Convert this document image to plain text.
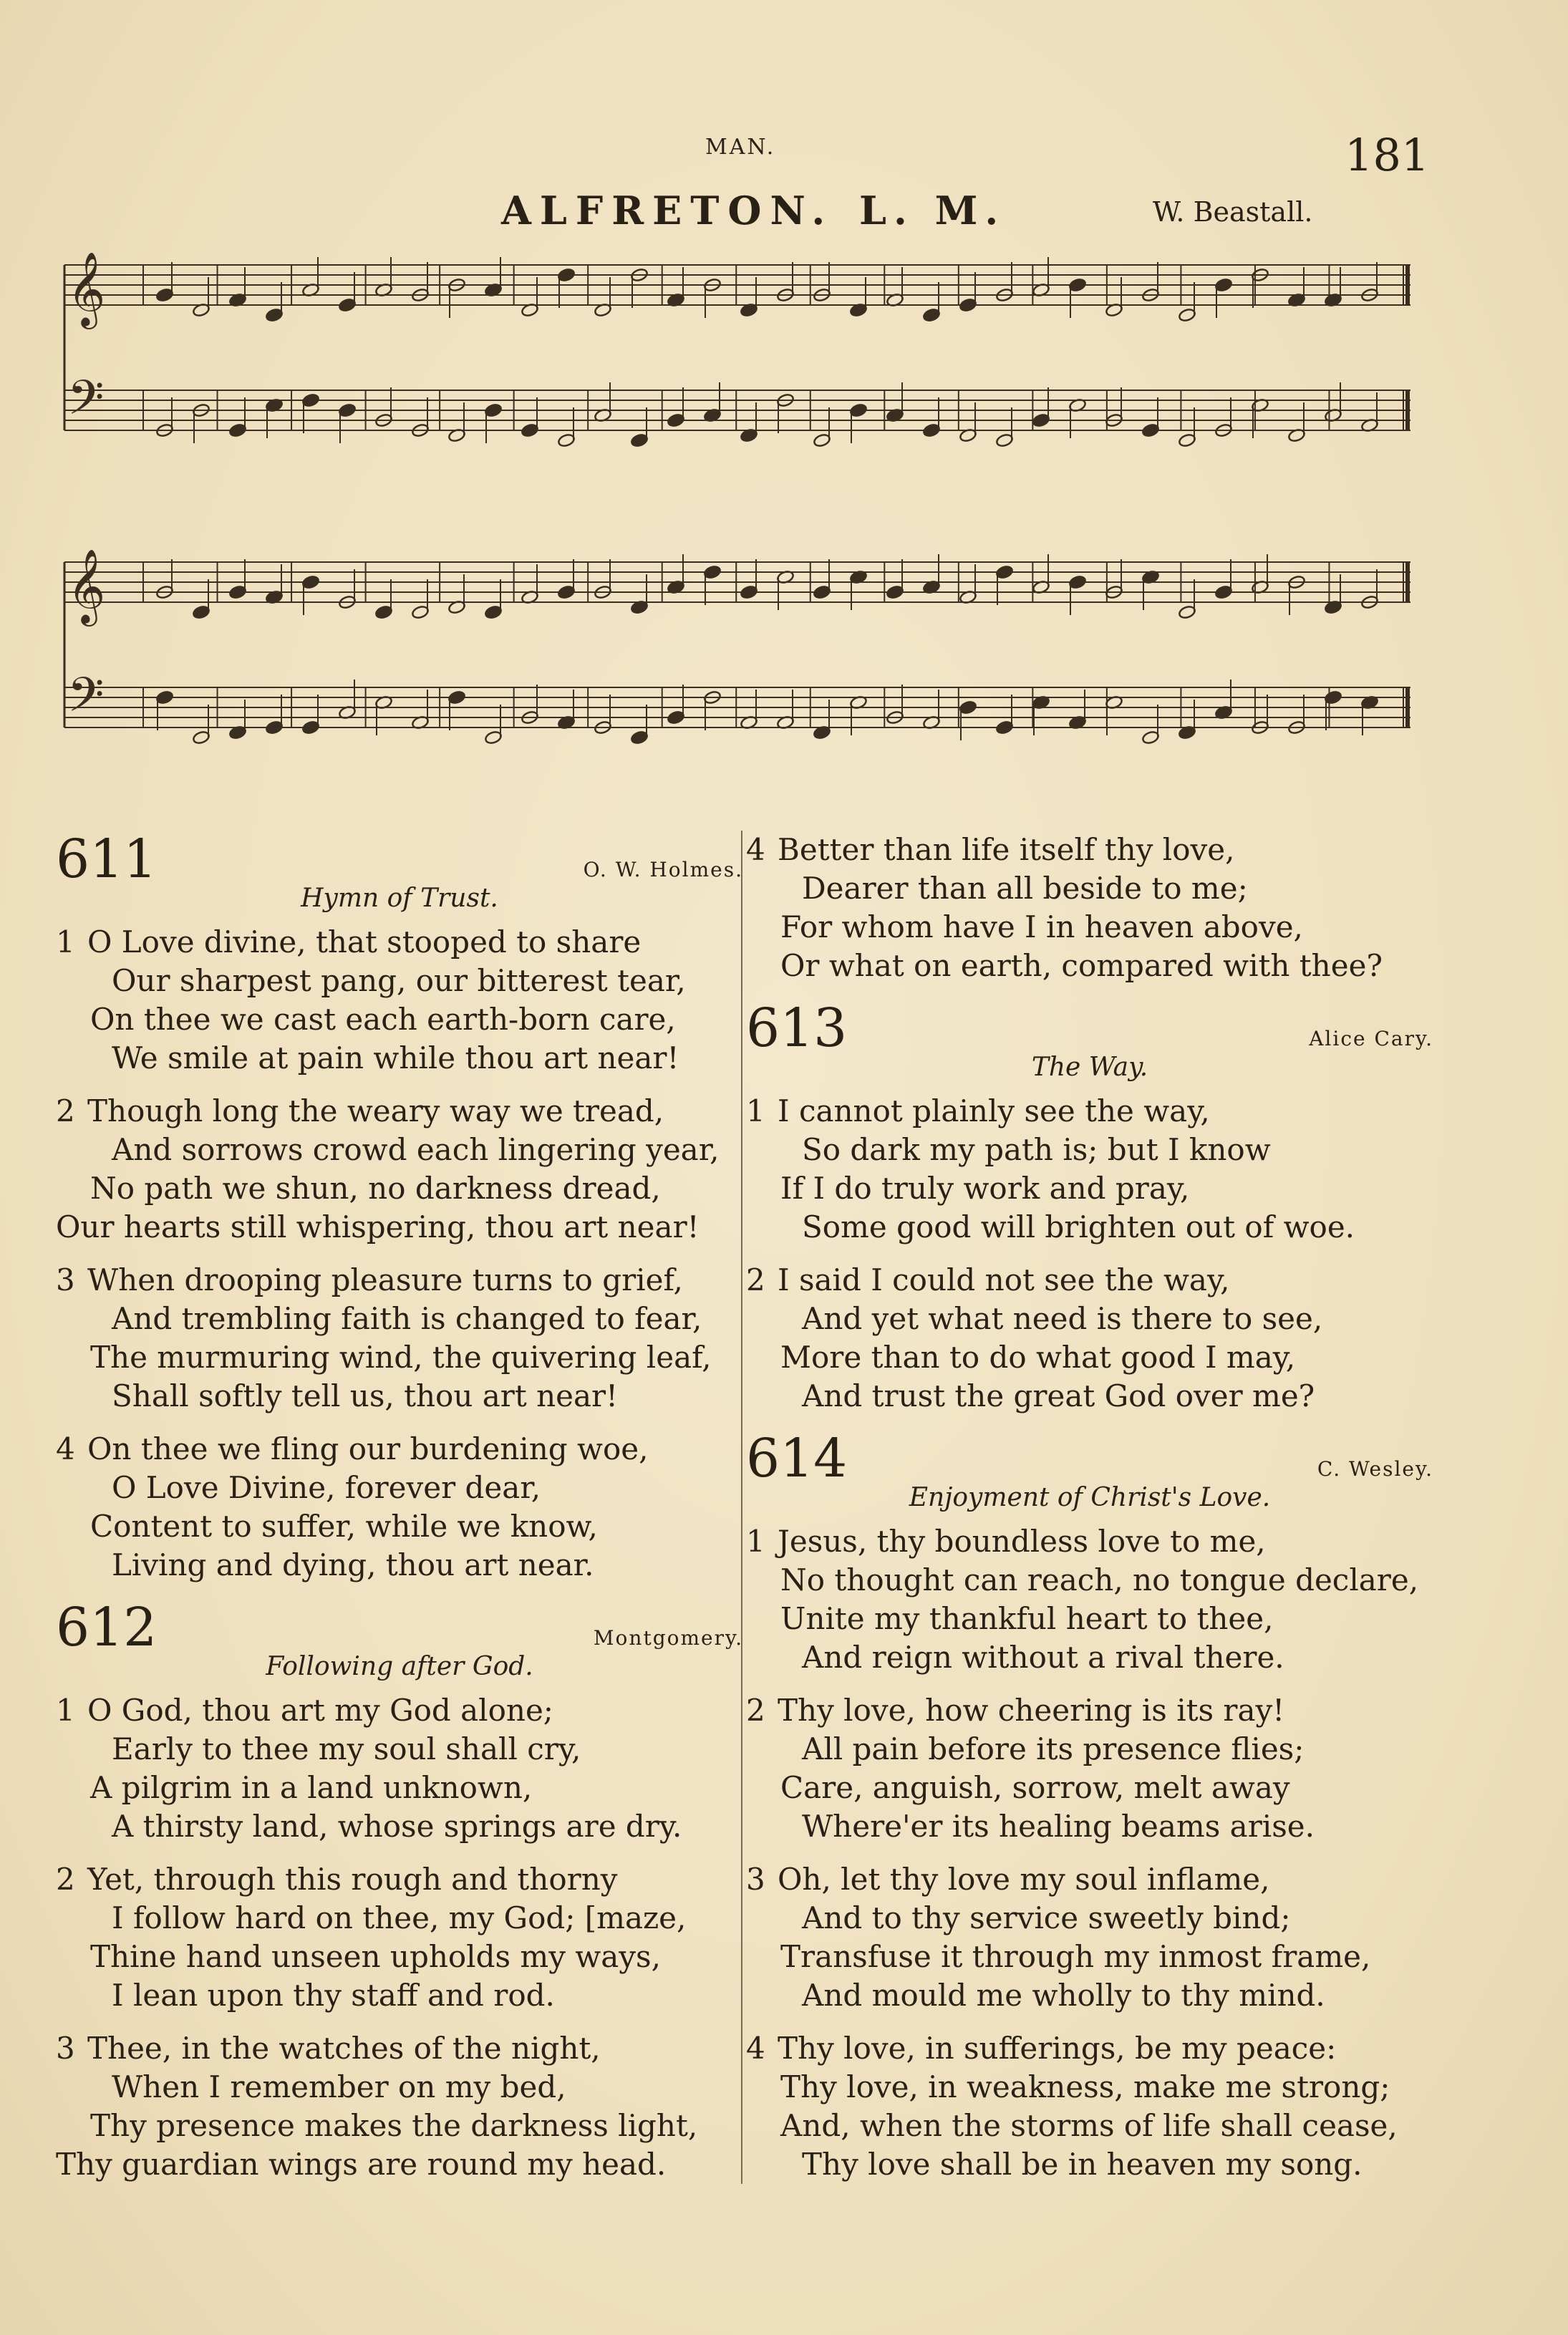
MAN.	181
ALFRETON. L. M.	W. Beastall.
𝄞
𝄢
𝄞
𝄢
611	O. W. Holmes.
Hymn of Trust.
1 O Love divine, that stooped to share
Our sharpest pang, our bitterest tear,
On thee we cast each earth-born care,
We smile at pain while thou art near!
2 Though long the weary way we tread,
And sorrows crowd each lingering year,
No path we shun, no darkness dread,
Our hearts still whispering, thou art near!
3 When drooping pleasure turns to grief,
And trembling faith is changed to fear,
The murmuring wind, the quivering leaf,
Shall softly tell us, thou art near!
4 On thee we fling our burdening woe,
O Love Divine, forever dear,
Content to suffer, while we know,
Living and dying, thou art near.
612	Montgomery.
Following after God.
1 O God, thou art my God alone;
Early to thee my soul shall cry,
A pilgrim in a land unknown,
A thirsty land, whose springs are dry.
2 Yet, through this rough and thorny
I follow hard on thee, my God; [maze,
Thine hand unseen upholds my ways,
I lean upon thy staff and rod.
3 Thee, in the watches of the night,
When I remember on my bed,
Thy presence makes the darkness light,
Thy guardian wings are round my head.
4 Better than life itself thy love,
Dearer than all beside to me;
For whom have I in heaven above,
Or what on earth, compared with thee?
613	Alice Cary.
The Way.
1 I cannot plainly see the way,
So dark my path is; but I know
If I do truly work and pray,
Some good will brighten out of woe.
2 I said I could not see the way,
And yet what need is there to see,
More than to do what good I may,
And trust the great God over me?
614	C. Wesley.
Enjoyment of Christ's Love.
1 Jesus, thy boundless love to me,
No thought can reach, no tongue declare,
Unite my thankful heart to thee,
And reign without a rival there.
2 Thy love, how cheering is its ray!
All pain before its presence flies;
Care, anguish, sorrow, melt away
Where'er its healing beams arise.
3 Oh, let thy love my soul inflame,
And to thy service sweetly bind;
Transfuse it through my inmost frame,
And mould me wholly to thy mind.
4 Thy love, in sufferings, be my peace:
Thy love, in weakness, make me strong;
And, when the storms of life shall cease,
Thy love shall be in heaven my song.
